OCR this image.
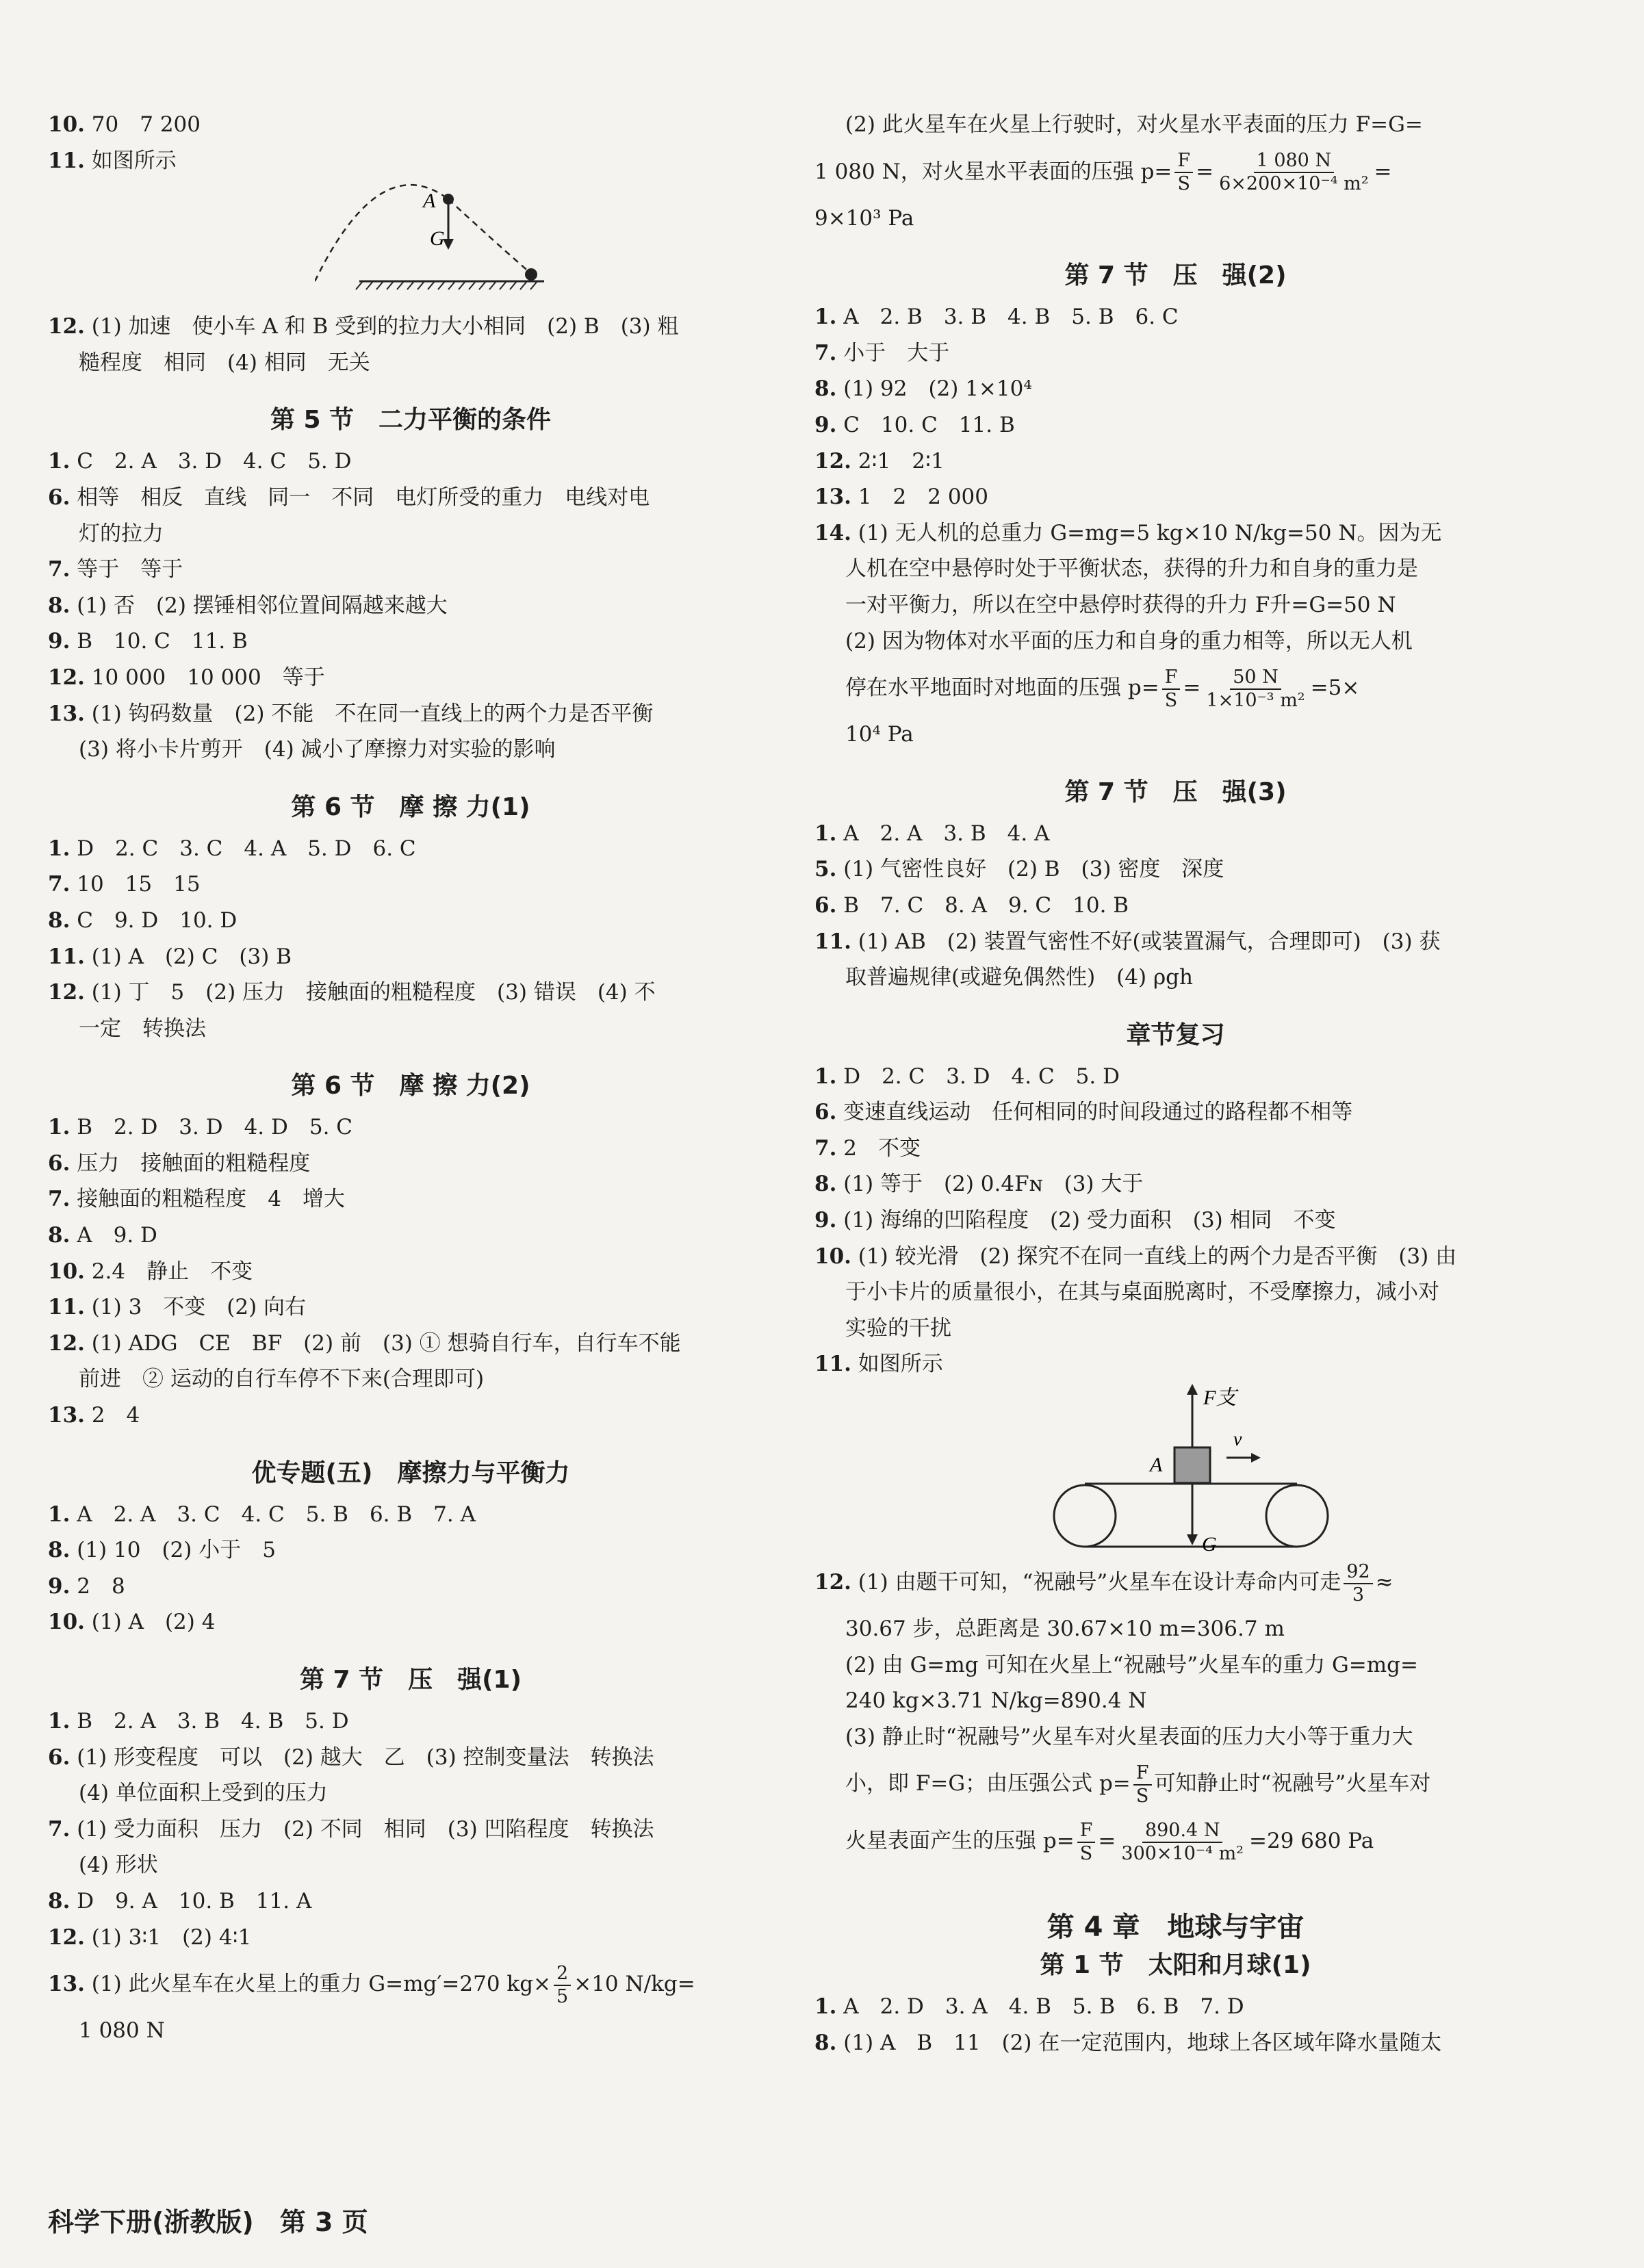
10. 70　7 200
11. 如图所示
A
G
12. (1) 加速　使小车 A 和 B 受到的拉力大小相同　(2) B　(3) 粗
糙程度　相同　(4) 相同　无关
第 5 节　二力平衡的条件
1. C　2. A　3. D　4. C　5. D
6. 相等　相反　直线　同一　不同　电灯所受的重力　电线对电
灯的拉力
7. 等于　等于
8. (1) 否　(2) 摆锤相邻位置间隔越来越大
9. B　10. C　11. B
12. 10 000　10 000　等于
13. (1) 钩码数量　(2) 不能　不在同一直线上的两个力是否平衡
(3) 将小卡片剪开　(4) 减小了摩擦力对实验的影响
第 6 节　摩 擦 力(1)
1. D　2. C　3. C　4. A　5. D　6. C
7. 10　15　15
8. C　9. D　10. D
11. (1) A　(2) C　(3) B
12. (1) 丁　5　(2) 压力　接触面的粗糙程度　(3) 错误　(4) 不
一定　转换法
第 6 节　摩 擦 力(2)
1. B　2. D　3. D　4. D　5. C
6. 压力　接触面的粗糙程度
7. 接触面的粗糙程度　4　增大
8. A　9. D
10. 2.4　静止　不变
11. (1) 3　不变　(2) 向右
12. (1) ADG　CE　BF　(2) 前　(3) ① 想骑自行车，自行车不能
前进　② 运动的自行车停不下来(合理即可)
13. 2　4
优专题(五)　摩擦力与平衡力
1. A　2. A　3. C　4. C　5. B　6. B　7. A
8. (1) 10　(2) 小于　5
9. 2　8
10. (1) A　(2) 4
第 7 节　压　强(1)
1. B　2. A　3. B　4. B　5. D
6. (1) 形变程度　可以　(2) 越大　乙　(3) 控制变量法　转换法
(4) 单位面积上受到的压力
7. (1) 受力面积　压力　(2) 不同　相同　(3) 凹陷程度　转换法
(4) 形状
8. D　9. A　10. B　11. A
12. (1) 3∶1　(2) 4∶1
13. (1) 此火星车在火星上的重力 G=mg′=270 $kg\times \frac{2}{5} \times 10$ N/kg=
1 080 N
科学下册(浙教版)　第 3 页
(2) 此火星车在火星上行驶时，对火星水平表面的压力 F=G=
1 080 N，对火星水平表面的压强 $p= \frac{F}{S} = \frac{1 080 N}{\text{6×200×10⁻⁴ m²}}$ =
9×10³ Pa
第 7 节　压　强(2)
1. A　2. B　3. B　4. B　5. B　6. C
7. 小于　大于
8. (1) 92　(2) 1×10⁴
9. C　10. C　11. B
12. 2∶1　2∶1
13. 1　2　2 000
14. (1) 无人机的总重力 G=mg=5 kg×10 N/kg=50 N。因为无
人机在空中悬停时处于平衡状态，获得的升力和自身的重力是
一对平衡力，所以在空中悬停时获得的升力 F升=G=50 N
(2) 因为物体对水平面的压力和自身的重力相等，所以无人机
停在水平地面时对地面的压强 $p= \frac{F}{S} = \frac{50 N}{\text{1×10⁻³ m²}} =5\times$
10⁴ Pa
第 7 节　压　强(3)
1. A　2. A　3. B　4. A
5. (1) 气密性良好　(2) B　(3) 密度　深度
6. B　7. C　8. A　9. C　10. B
11. (1) AB　(2) 装置气密性不好(或装置漏气，合理即可)　(3) 获
取普遍规律(或避免偶然性)　(4) ρgh
章节复习
1. D　2. C　3. D　4. C　5. D
6. 变速直线运动　任何相同的时间段通过的路程都不相等
7. 2　不变
8. (1) 等于　(2) 0.4Fɴ　(3) 大于
9. (1) 海绵的凹陷程度　(2) 受力面积　(3) 相同　不变
10. (1) 较光滑　(2) 探究不在同一直线上的两个力是否平衡　(3) 由
于小卡片的质量很小，在其与桌面脱离时，不受摩擦力，减小对
实验的干扰
11. 如图所示
F支
A
v
G
12. (1) 由题干可知，“祝融号”火星车在设计寿命内可走 $\frac{92}{3}$ ≈
30.67 步，总距离是 30.67×10 m=306.7 m
(2) 由 G=mg 可知在火星上“祝融号”火星车的重力 G=mg=
240 kg×3.71 N/kg=890.4 N
(3) 静止时“祝融号”火星车对火星表面的压力大小等于重力大
小，即 F=G；由压强公式 $p= \frac{F}{S}$ 可知静止时“祝融号”火星车对
火星表面产生的压强 $p= \frac{F}{S} = \frac{890.4 N}{\text{300×10⁻⁴ m²}} =29$ 680 Pa
第 4 章　地球与宇宙
第 1 节　太阳和月球(1)
1. A　2. D　3. A　4. B　5. B　6. B　7. D
8. (1) A　B　11　(2) 在一定范围内，地球上各区域年降水量随太
